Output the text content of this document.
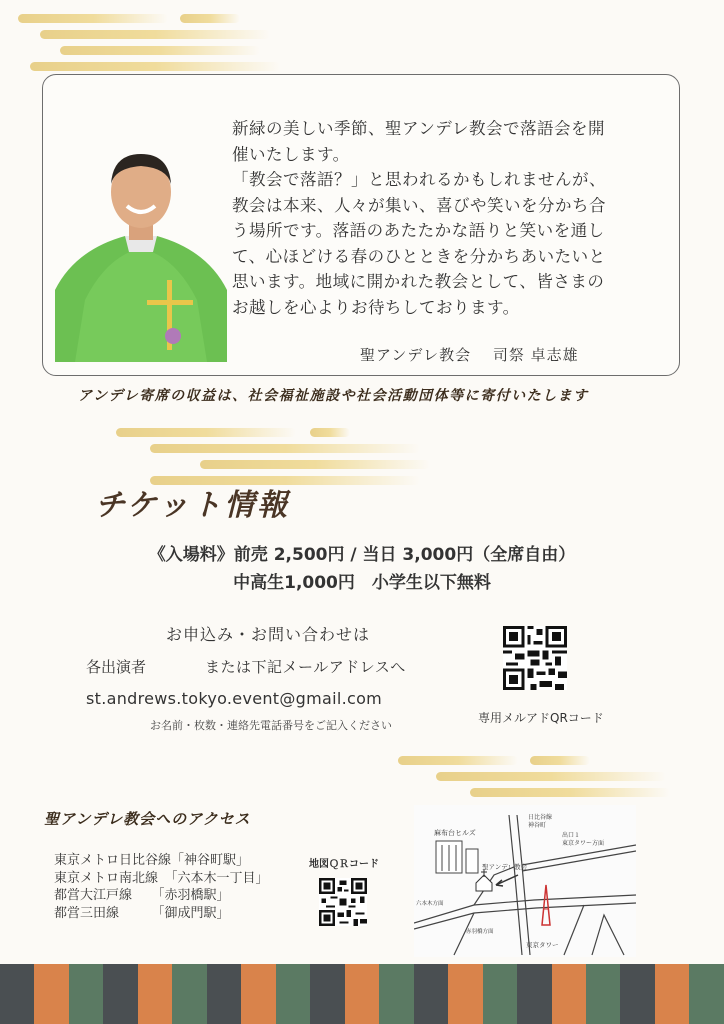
新緑の美しい季節、聖アンデレ教会で落語会を開

催いたします。

「教会で落語？」と思われるかもしれませんが、

教会は本来、人々が集い、喜びや笑いを分かち合

う場所です。落語のあたたかな語りと笑いを通し

て、心ほどける春のひとときを分かちあいたいと

思います。地域に開かれた教会として、皆さまの

お越しを心よりお待ちしております。

聖アンデレ教会　 司祭 卓志雄
アンデレ寄席の収益は、社会福祉施設や社会活動団体等に寄付いたします
チケット情報
《入場料》前売 2,500円 / 当日 3,000円（全席自由）
中高生1,000円　小学生以下無料
お申込み・お問い合わせは
各出演者	または下記メールアドレスへ
st.andrews.tokyo.event@gmail.com
お名前・枚数・連絡先電話番号をご記入ください
専用メルアドQRコード
聖アンデレ教会へのアクセス
東京メトロ日比谷線「神谷町駅」
東京メトロ南北線　 「六本木一丁目」
都営大江戸線　　 「赤羽橋駅」
都営三田線　　　	「御成門駅」
地図ＱＲコード
麻布台ヒルズ
日比谷線
神谷町
出口１
東京タワー方面
聖アンデレ教会
六本木方面
赤羽橋方面
東京タワー
